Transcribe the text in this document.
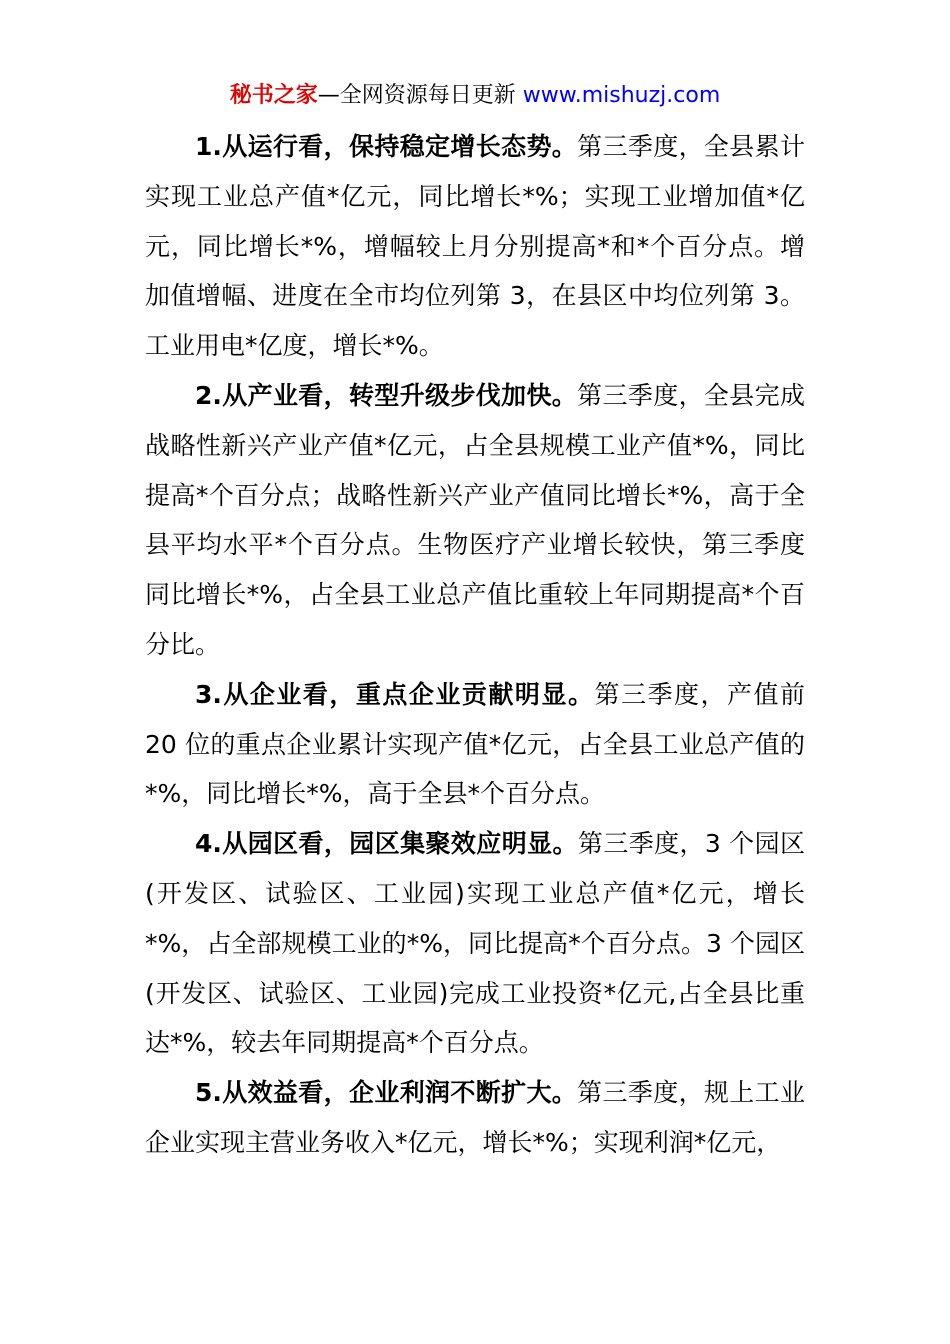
秘书之家—全网资源每日更新 www.mishuzj.com

1.从运行看，保持稳定增长态势。第三季度，全县累计实现工业总产值*亿元，同比增长*%；实现工业增加值*亿元，同比增长*%，增幅较上月分别提高*和*个百分点。增加值增幅、进度在全市均位列第 3，在县区中均位列第 3。工业用电*亿度，增长*%。

2.从产业看，转型升级步伐加快。第三季度，全县完成战略性新兴产业产值*亿元，占全县规模工业产值*%，同比提高*个百分点；战略性新兴产业产值同比增长*%，高于全县平均水平*个百分点。生物医疗产业增长较快，第三季度同比增长*%，占全县工业总产值比重较上年同期提高*个百分比。

3.从企业看，重点企业贡献明显。第三季度，产值前 20 位的重点企业累计实现产值*亿元，占全县工业总产值的*%，同比增长*%，高于全县*个百分点。

4.从园区看，园区集聚效应明显。第三季度，3 个园区(开发区、试验区、工业园)实现工业总产值*亿元，增长*%，占全部规模工业的*%，同比提高*个百分点。3 个园区(开发区、试验区、工业园)完成工业投资*亿元,占全县比重达*%，较去年同期提高*个百分点。

5.从效益看，企业利润不断扩大。第三季度，规上工业企业实现主营业务收入*亿元，增长*%；实现利润*亿元，
